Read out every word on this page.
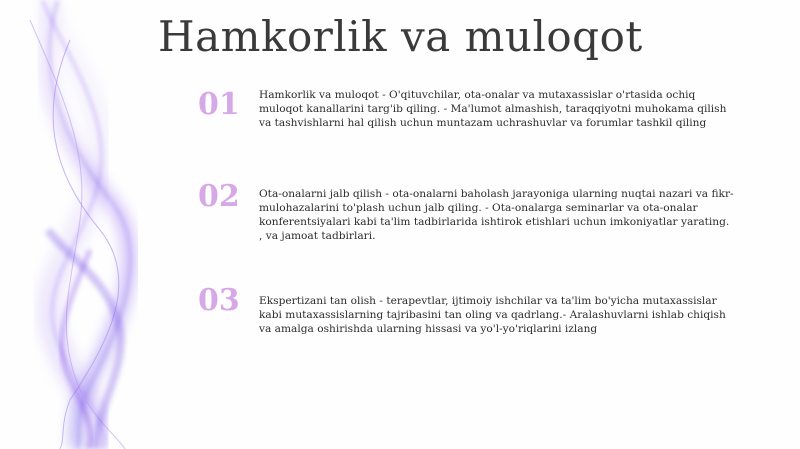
Hamkorlik va muloqot
01 Hamkorlik va muloqot - O'qituvchilar, ota-onalar va mutaxassislar o'rtasida ochiq muloqot kanallarini targ'ib qiling. - Ma'lumot almashish, taraqqiyotni muhokama qilish va tashvishlarni hal qilish uchun muntazam uchrashuvlar va forumlar tashkil qiling
02 Ota-onalarni jalb qilish - ota-onalarni baholash jarayoniga ularning nuqtai nazari va fikr-mulohazalarini to'plash uchun jalb qiling. - Ota-onalarga seminarlar va ota-onalar konferentsiyalari kabi ta'lim tadbirlarida ishtirok etishlari uchun imkoniyatlar yarating. , va jamoat tadbirlari.
03 Ekspertizani tan olish - terapevtlar, ijtimoiy ishchilar va ta'lim bo'yicha mutaxassislar kabi mutaxassislarning tajribasini tan oling va qadrlang.- Aralashuvlarni ishlab chiqish va amalga oshirishda ularning hissasi va yo'l-yo'riqlarini izlang
